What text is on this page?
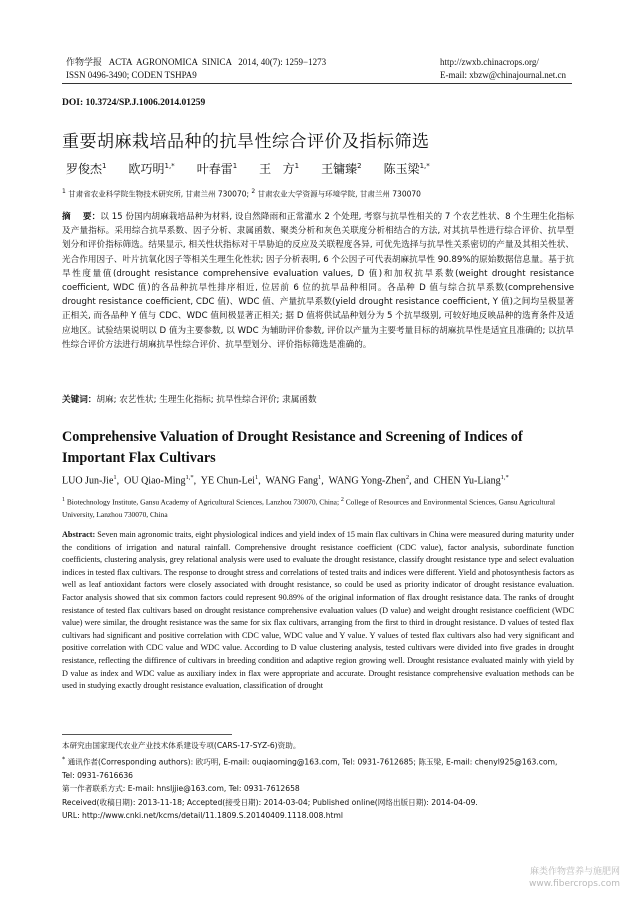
作物学报   ACTA  AGRONOMICA  SINICA   2014, 40(7): 1259−1273
ISSN 0496-3490; CODEN TSHPA9
http://zwxb.chinacrops.org/
E-mail: xbzw@chinajournal.net.cn
DOI: 10.3724/SP.J.1006.2014.01259
重要胡麻栽培品种的抗旱性综合评价及指标筛选
罗俊杰$^1$ 欧巧明$^{1,*}$ 叶春雷$^1$ 王   方$^1$ 王镛臻$^2$ 陈玉梁$^{1,*}$
$^1$ 甘肃省农业科学院生物技术研究所, 甘肃兰州 730070; $^2$ 甘肃农业大学资源与环境学院, 甘肃兰州 730070
摘    要：以 15 份国内胡麻栽培品种为材料, 设自然降雨和正常灌水 2 个处理, 考察与抗旱性相关的 7 个农艺性状、8 个生理生化指标及产量指标。采用综合抗旱系数、因子分析、隶属函数、聚类分析和灰色关联度分析相结合的方法, 对其抗旱性进行综合评价、抗旱型划分和评价指标筛选。结果显示, 相关性状指标对干旱胁迫的反应及关联程度各异, 可优先选择与抗旱性关系密切的产量及其相关性状、光合作用因子、叶片抗氧化因子等相关生理生化性状; 因子分析表明, 6 个公因子可代表胡麻抗旱性 90.89%的原始数据信息量。基于抗旱性度量值(drought resistance comprehensive evaluation values, D 值)和加权抗旱系数(weight drought resistance coefficient, WDC 值)的各品种抗旱性排序相近, 位居前 6 位的抗旱品种相同。各品种 D 值与综合抗旱系数(comprehensive drought resistance coefficient, CDC 值)、WDC 值、产量抗旱系数(yield drought resistance coefficient, Y 值)之间均呈极显著正相关, 而各品种 Y 值与 CDC、WDC 值间极显著正相关; 据 D 值将供试品种划分为 5 个抗旱级别, 可较好地反映品种的选育条件及适应地区。试验结果说明以 D 值为主要参数, 以 WDC 为辅助评价参数, 评价以产量为主要考量目标的胡麻抗旱性是适宜且准确的; 以抗旱性综合评价方法进行胡麻抗旱性综合评价、抗旱型划分、评价指标筛选是准确的。
关键词：胡麻; 农艺性状; 生理生化指标; 抗旱性综合评价; 隶属函数
Comprehensive Valuation of Drought Resistance and Screening of Indices of
Important Flax Cultivars
LUO Jun-Jie$^1$,  OU Qiao-Ming$^{1,*}$,  YE Chun-Lei$^1$,  WANG Fang$^1$,  WANG Yong-Zhen$^2$, and  CHEN Yu-Liang$^{1,*}$
$^1$ Biotechnology Institute, Gansu Academy of Agricultural Sciences, Lanzhou 730070, China; $^2$ College of Resources and Environmental Sciences, Gansu Agricultural University, Lanzhou 730070, China
Abstract: Seven main agronomic traits, eight physiological indices and yield index of 15 main flax cultivars in China were measured during maturity under the conditions of irrigation and natural rainfall. Comprehensive drought resistance coefficient (CDC value), factor analysis, subordinate function coefficients, clustering analysis, grey relational analysis were used to evaluate the drought resistance, classify drought resistance type and select evaluation indices in tested flax cultivars. The response to drought stress and correlations of tested traits and indices were different. Yield and photosynthesis factors as well as leaf antioxidant factors were closely associated with drought resistance, so could be used as priority indicator of drought resistance evaluation. Factor analysis showed that six common factors could represent 90.89% of the original information of flax drought resistance data. The ranks of drought resistance of tested flax cultivars based on drought resistance comprehensive evaluation values (D value) and weight drought resistance coefficient (WDC value) were similar, the drought resistance was the same for six flax cultivars, arranging from the first to third in drought resistance. D values of tested flax cultivars had significant and positive correlation with CDC value, WDC value and Y value. Y values of tested flax cultivars also had very significant and positive correlation with CDC value and WDC value. According to D value clustering analysis, tested cultivars were divided into five grades in drought resistance, reflecting the diffirence of cultivars in breeding condition and adaptive region growing well. Drought resistance evaluated mainly with yield by D value as index and WDC value as auxiliary index in flax were appropriate and accurate. Drought resistance comprehensive evaluation methods can be used in studying exactly drought resistance evaluation, classification of drought
本研究由国家现代农业产业技术体系建设专项(CARS-17-SYZ-6)资助。
* 通讯作者(Corresponding authors): 欧巧明, E-mail: ouqiaoming@163.com, Tel: 0931-7612685; 陈玉梁, E-mail: chenyl925@163.com,
Tel: 0931-7616636
第一作者联系方式: E-mail: hnsljjie@163.com, Tel: 0931-7612658
Received(收稿日期): 2013-11-18; Accepted(接受日期): 2014-03-04; Published online(网络出版日期): 2014-04-09.
URL: http://www.cnki.net/kcms/detail/11.1809.S.20140409.1118.008.html
麻类作物营养与施肥网 www.fibercrops.com
